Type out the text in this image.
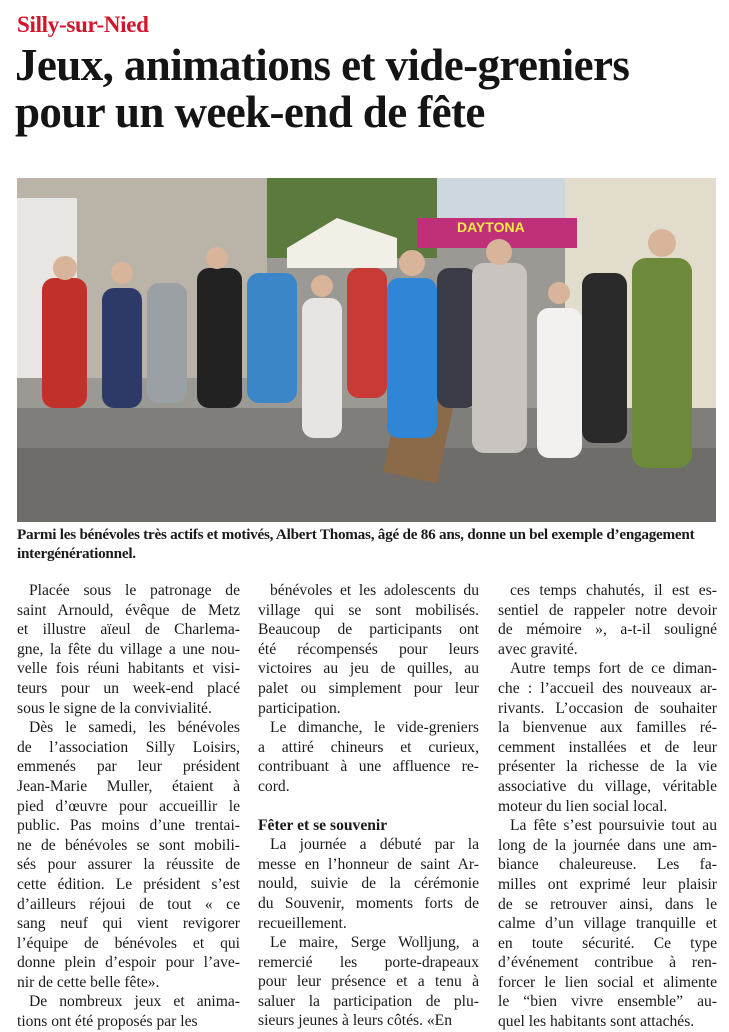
Silly-sur-Nied
Jeux, animations et vide-greniers
pour un week-end de fête
DAYTONA
Parmi les bénévoles très actifs et motivés, Albert Thomas, âgé de 86 ans, donne un bel exemple d’engagement intergénérationnel.
Placée sous le patronage de
saint Arnould, évêque de Metz
et illustre aïeul de Charlema-
gne, la fête du village a une nou-
velle fois réuni habitants et visi-
teurs pour un week-end placé
sous le signe de la convivialité.
Dès le samedi, les bénévoles
de l’association Silly Loisirs,
emmenés par leur président
Jean-Marie Muller, étaient à
pied d’œuvre pour accueillir le
public. Pas moins d’une trentai-
ne de bénévoles se sont mobili-
sés pour assurer la réussite de
cette édition. Le président s’est
d’ailleurs réjoui de tout « ce
sang neuf qui vient revigorer
l’équipe de bénévoles et qui
donne plein d’espoir pour l’ave-
nir de cette belle fête».
De nombreux jeux et anima-
tions ont été proposés par les
bénévoles et les adolescents du
village qui se sont mobilisés.
Beaucoup de participants ont
été récompensés pour leurs
victoires au jeu de quilles, au
palet ou simplement pour leur
participation.
Le dimanche, le vide-greniers
a attiré chineurs et curieux,
contribuant à une affluence re-
cord.
Fêter et se souvenir
La journée a débuté par la
messe en l’honneur de saint Ar-
nould, suivie de la cérémonie
du Souvenir, moments forts de
recueillement.
Le maire, Serge Wolljung, a
remercié les porte-drapeaux
pour leur présence et a tenu à
saluer la participation de plu-
sieurs jeunes à leurs côtés. «En
ces temps chahutés, il est es-
sentiel de rappeler notre devoir
de mémoire », a-t-il souligné
avec gravité.
Autre temps fort de ce diman-
che : l’accueil des nouveaux ar-
rivants. L’occasion de souhaiter
la bienvenue aux familles ré-
cemment installées et de leur
présenter la richesse de la vie
associative du village, véritable
moteur du lien social local.
La fête s’est poursuivie tout au
long de la journée dans une am-
biance chaleureuse. Les fa-
milles ont exprimé leur plaisir
de se retrouver ainsi, dans le
calme d’un village tranquille et
en toute sécurité. Ce type
d’événement contribue à ren-
forcer le lien social et alimente
le “bien vivre ensemble” au-
quel les habitants sont attachés.
